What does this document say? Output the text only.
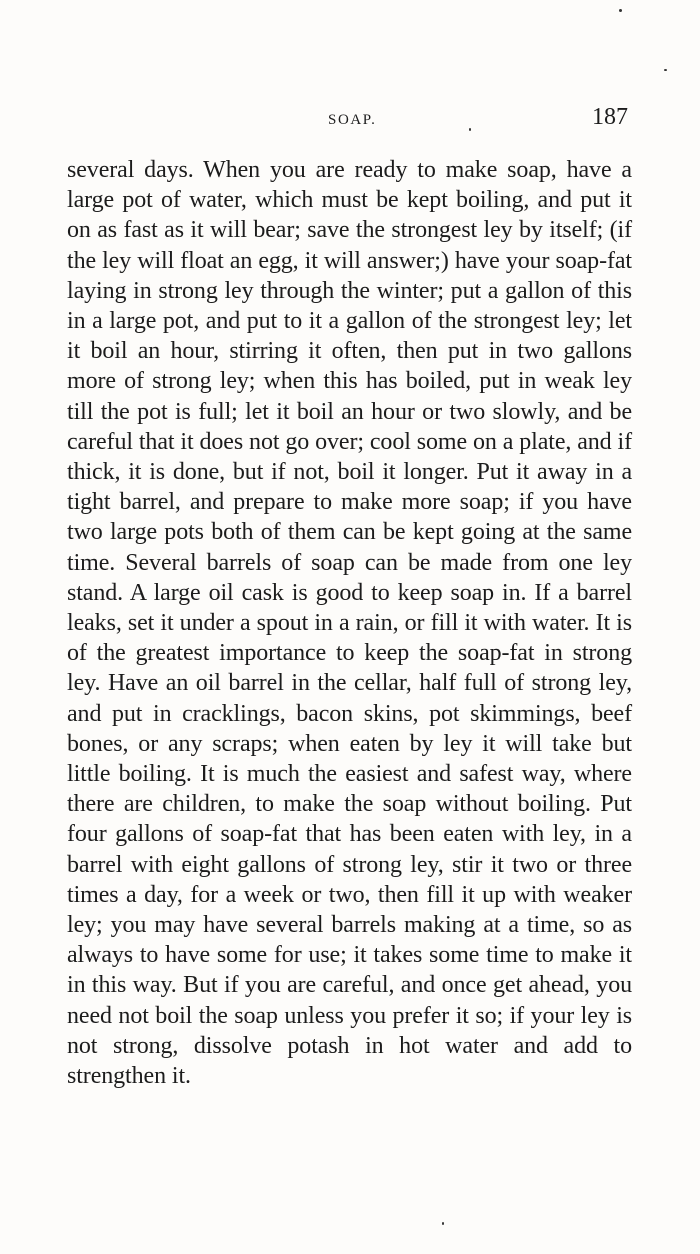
SOAP.	187

several days. When you are ready to make soap, have a large pot of water, which must be kept boiling, and put it on as fast as it will bear; save the strongest ley by itself; (if the ley will float an egg, it will answer;) have your soap-fat laying in strong ley through the winter; put a gallon of this in a large pot, and put to it a gallon of the strongest ley; let it boil an hour, stirring it often, then put in two gallons more of strong ley; when this has boiled, put in weak ley till the pot is full; let it boil an hour or two slowly, and be careful that it does not go over; cool some on a plate, and if thick, it is done, but if not, boil it longer. Put it away in a tight barrel, and prepare to make more soap; if you have two large pots both of them can be kept going at the same time. Several barrels of soap can be made from one ley stand. A large oil cask is good to keep soap in. If a barrel leaks, set it under a spout in a rain, or fill it with water. It is of the greatest importance to keep the soap-fat in strong ley. Have an oil barrel in the cellar, half full of strong ley, and put in cracklings, bacon skins, pot skimmings, beef bones, or any scraps; when eaten by ley it will take but little boiling. It is much the easiest and safest way, where there are children, to make the soap without boiling. Put four gallons of soap-fat that has been eaten with ley, in a barrel with eight gallons of strong ley, stir it two or three times a day, for a week or two, then fill it up with weaker ley; you may have several barrels making at a time, so as always to have some for use; it takes some time to make it in this way. But if you are careful, and once get ahead, you need not boil the soap unless you prefer it so; if your ley is not strong, dissolve potash in hot water and add to strengthen it.
